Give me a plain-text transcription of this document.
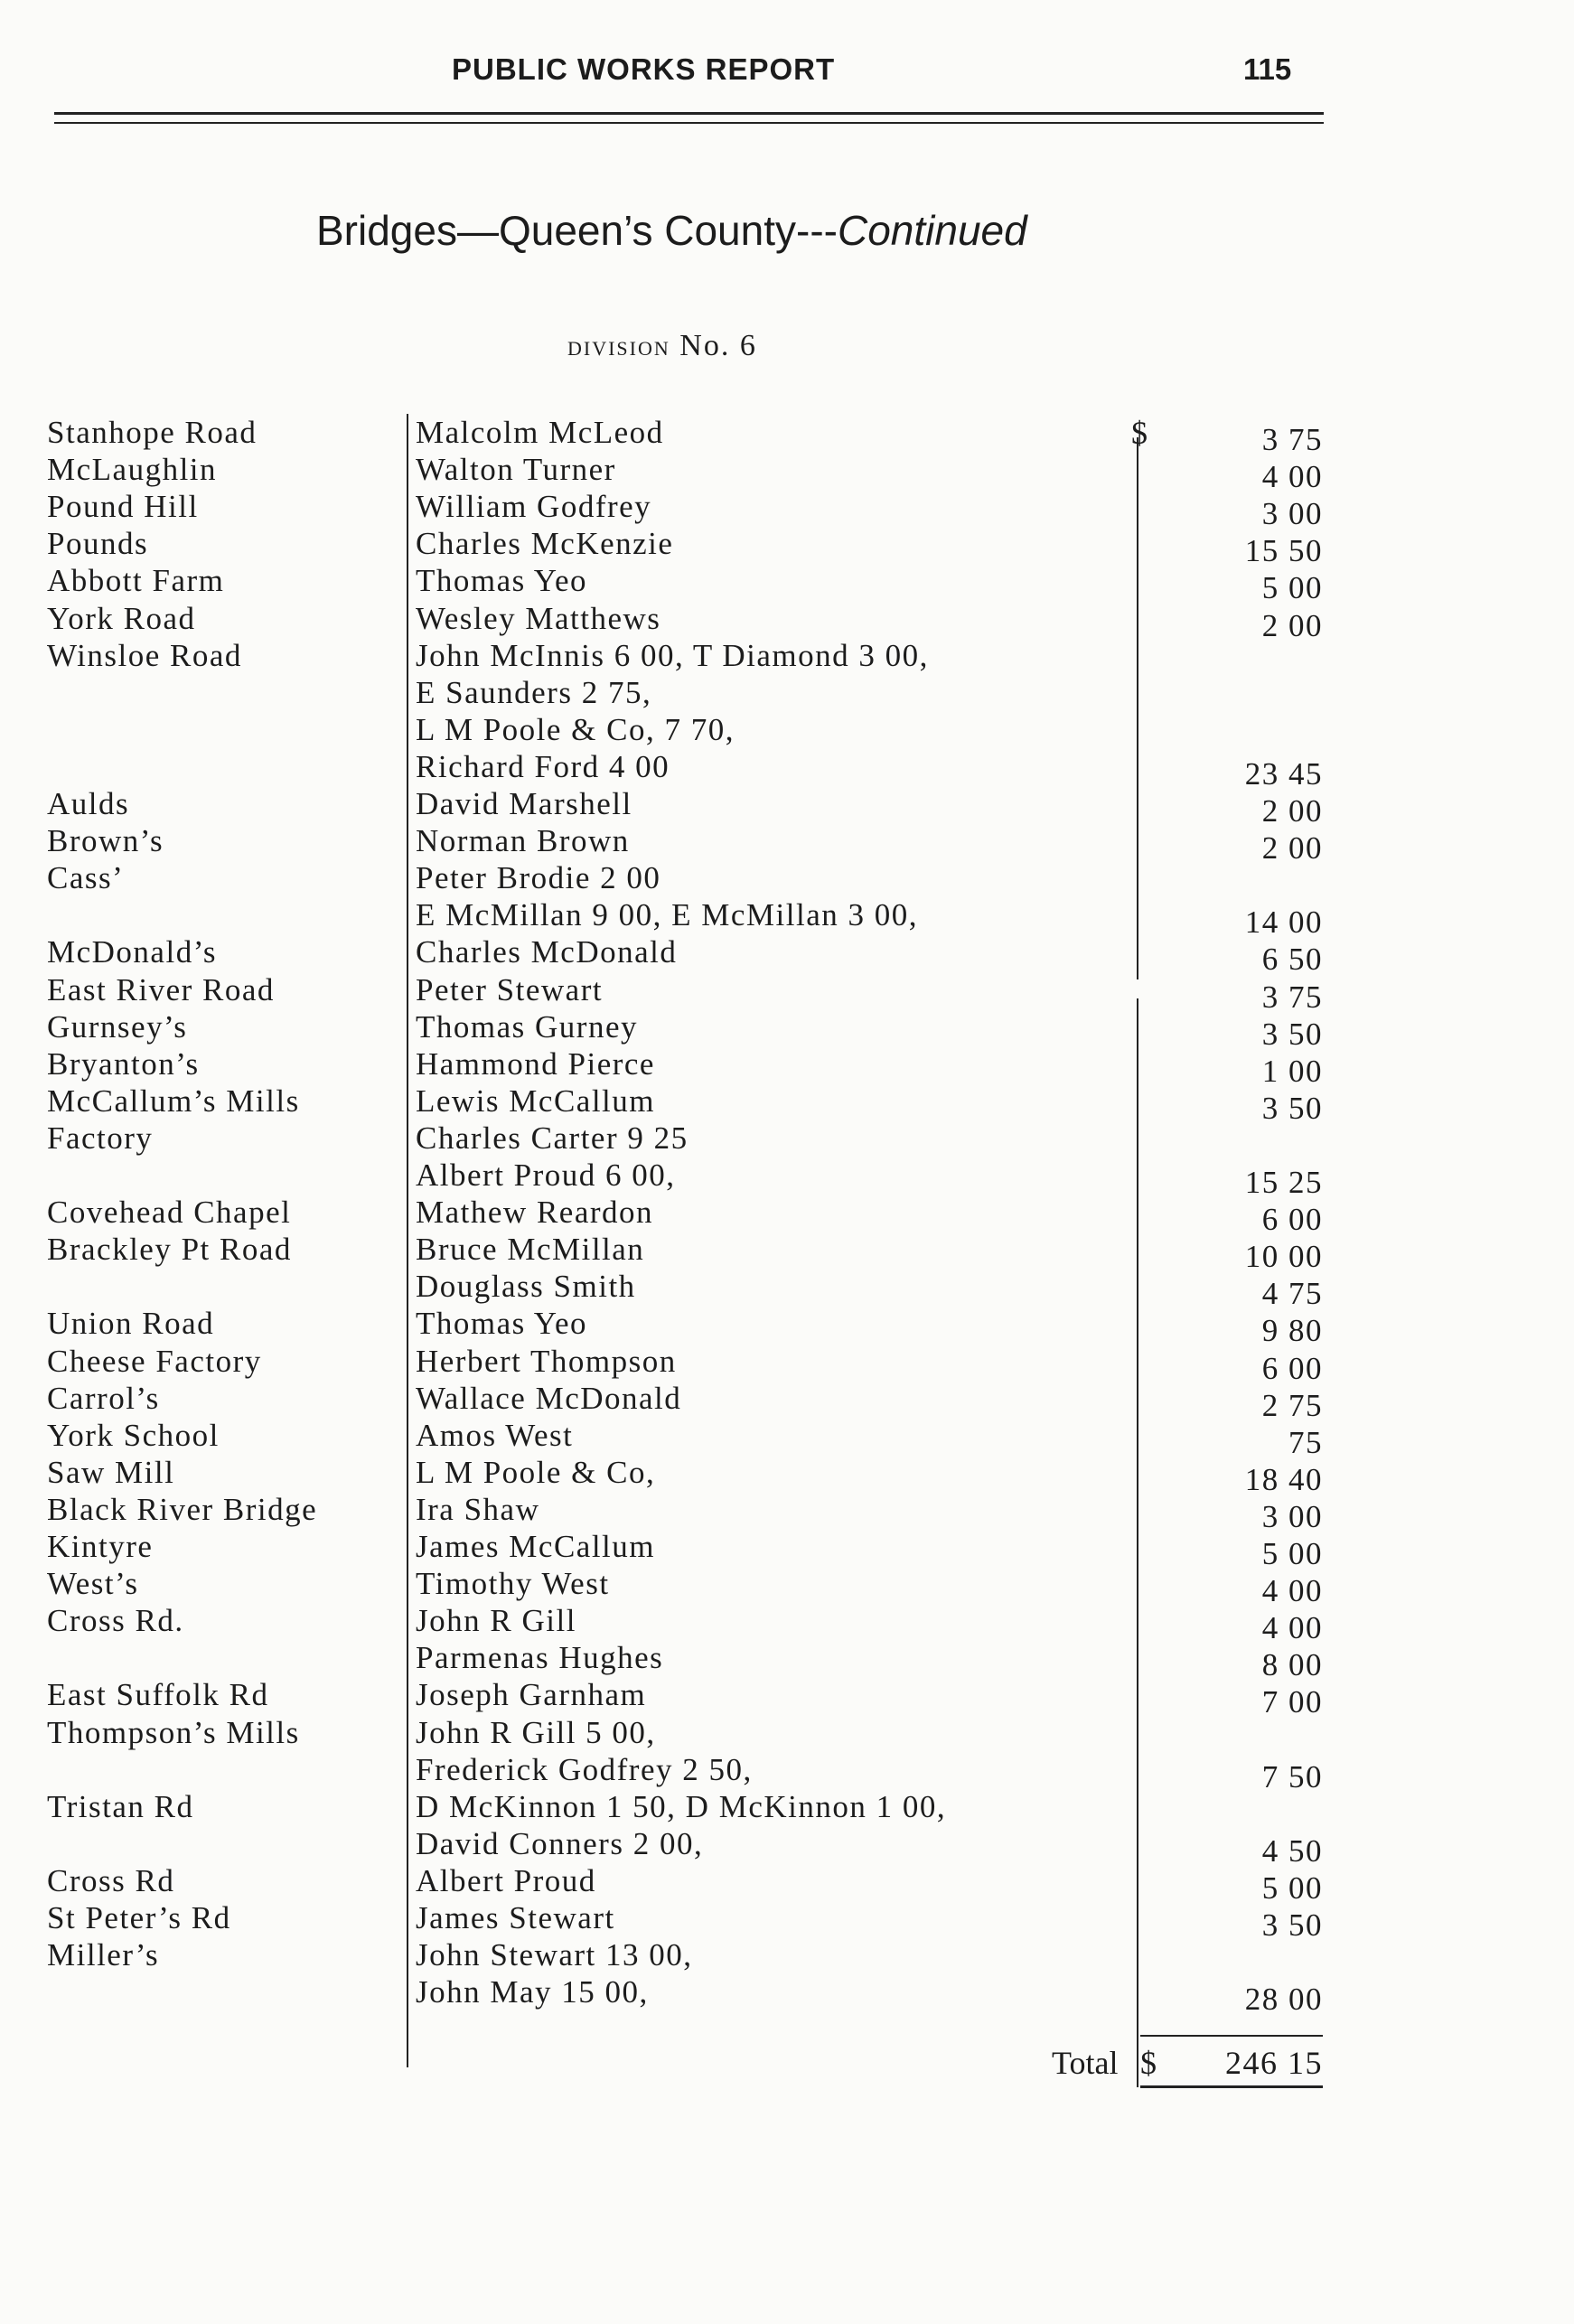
PUBLIC WORKS REPORT	115
Bridges—Queen’s County---Continued
division No. 6
$
Stanhope Road	Malcolm McLeod	3 75
McLaughlin	Walton Turner	4 00
Pound Hill	William Godfrey	3 00
Pounds	Charles McKenzie	15 50
Abbott Farm	Thomas Yeo	5 00
York Road	Wesley Matthews	2 00
Winsloe Road	John McInnis 6 00, T Diamond 3 00,
E Saunders 2 75,
L M Poole & Co, 7 70,
Richard Ford 4 00	23 45
Aulds	David Marshell	2 00
Brown’s	Norman Brown	2 00
Cass’	Peter Brodie 2 00
E McMillan 9 00, E McMillan 3 00,	14 00
McDonald’s	Charles McDonald	6 50
East River Road	Peter Stewart	3 75
Gurnsey’s	Thomas Gurney	3 50
Bryanton’s	Hammond Pierce	1 00
McCallum’s Mills	Lewis McCallum	3 50
Factory	Charles Carter 9 25
Albert Proud 6 00,	15 25
Covehead Chapel	Mathew Reardon	6 00
Brackley Pt Road	Bruce McMillan	10 00
Douglass Smith	4 75
Union Road	Thomas Yeo	9 80
Cheese Factory	Herbert Thompson	6 00
Carrol’s	Wallace McDonald	2 75
York School	Amos West	75
Saw Mill	L M Poole & Co,	18 40
Black River Bridge	Ira Shaw	3 00
Kintyre	James McCallum	5 00
West’s	Timothy West	4 00
Cross Rd.	John R Gill	4 00
Parmenas Hughes	8 00
East Suffolk Rd	Joseph Garnham	7 00
Thompson’s Mills	John R Gill 5 00,
Frederick Godfrey 2 50,	7 50
Tristan Rd	D McKinnon 1 50, D McKinnon 1 00,
David Conners 2 00,	4 50
Cross Rd	Albert Proud	5 00
St Peter’s Rd	James Stewart	3 50
Miller’s	John Stewart 13 00,
John May 15 00,	28 00
Total $ 246 15
